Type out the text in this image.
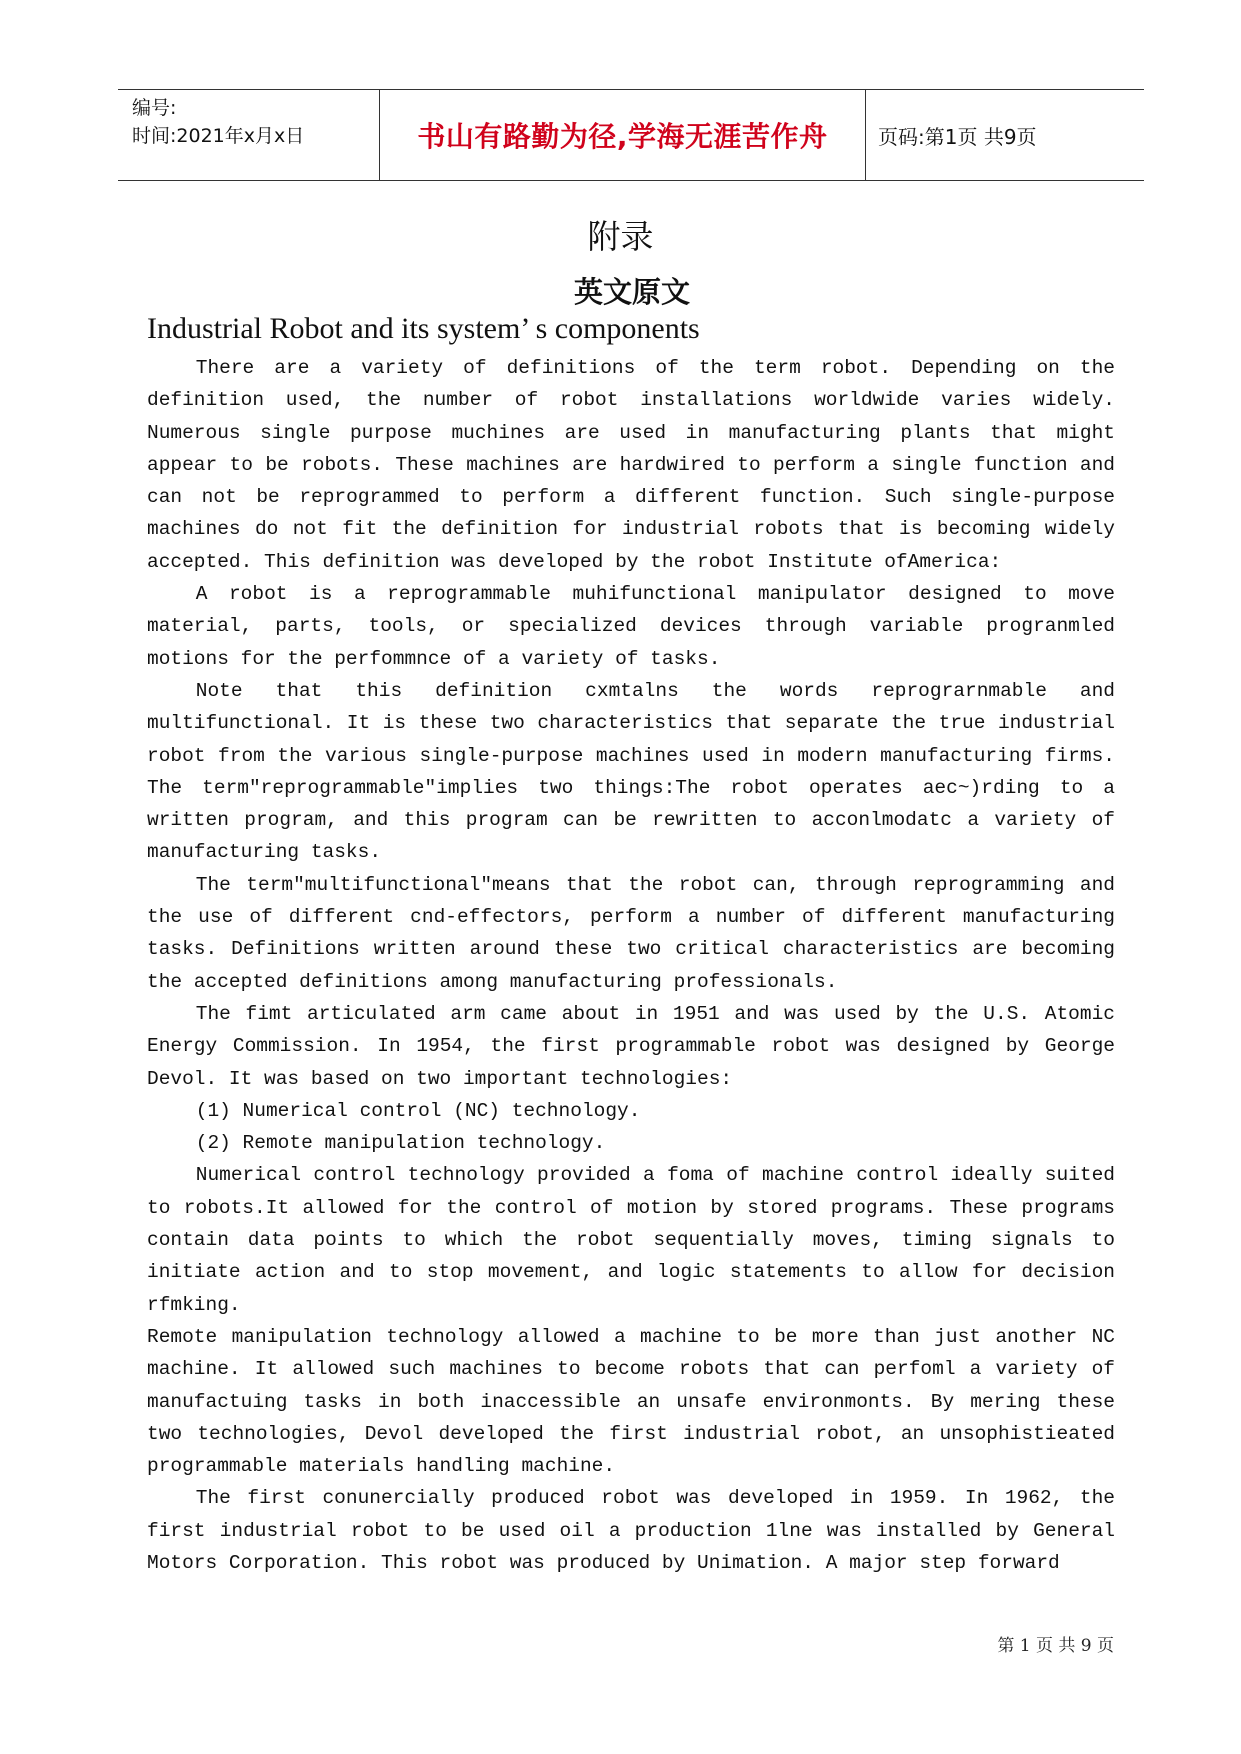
编号:
时间:2021年x月x日	书山有路勤为径,学海无涯苦作舟	页码:第1页 共9页
附录
英文原文
Industrial Robot and its system’ s components

There are a variety of definitions of the term robot. Depending on the definition used, the number of robot installations worldwide varies widely. Numerous single purpose muchines are used in manufacturing plants that might appear to be robots. These machines are hardwired to perform a single function and can not be reprogrammed to perform a different function. Such single-purpose machines do not fit the definition for industrial robots that is becoming widely accepted. This definition was developed by the robot Institute ofAmerica:

A robot is a reprogrammable muhifunctional manipulator designed to move material, parts, tools, or specialized devices through variable progranmled motions for the perfommnce of a variety of tasks.

Note that this definition cxmtalns the words reprograrnmable and multifunctional. It is these two characteristics that separate the true industrial robot from the various single-purpose machines used in modern manufacturing firms. The term"reprogrammable"implies two things:The robot operates aec~)rding to a written program, and this program can be rewritten to acconlmodatc a variety of manufacturing tasks.

The term"multifunctional"means that the robot can, through reprogramming and the use of different cnd-effectors, perform a number of different manufacturing tasks. Definitions written around these two critical characteristics are becoming the accepted definitions among manufacturing professionals.

The fimt articulated arm came about in 1951 and was used by the U.S. Atomic Energy Commission. In 1954, the first programmable robot was designed by George Devol. It was based on two important technologies:

(1) Numerical control (NC) technology.

(2) Remote manipulation technology.

Numerical control technology provided a foma of machine control ideally suited to robots.It allowed for the control of motion by stored programs. These programs contain data points to which the robot sequentially moves, timing signals to initiate action and to stop movement, and logic statements to allow for decision rfmking.

Remote manipulation technology allowed a machine to be more than just another NC machine. It allowed such machines to become robots that can perfoml a variety of manufactuing tasks in both inaccessible an unsafe environmonts. By mering these two technologies, Devol developed the first industrial robot, an unsophistieated programmable materials handling machine.

The first conunercially produced robot was developed in 1959. In 1962, the first industrial robot to be used oil a production 1lne was installed by General Motors Corporation. This robot was produced by Unimation. A major step forward

第 1 页 共 9 页
